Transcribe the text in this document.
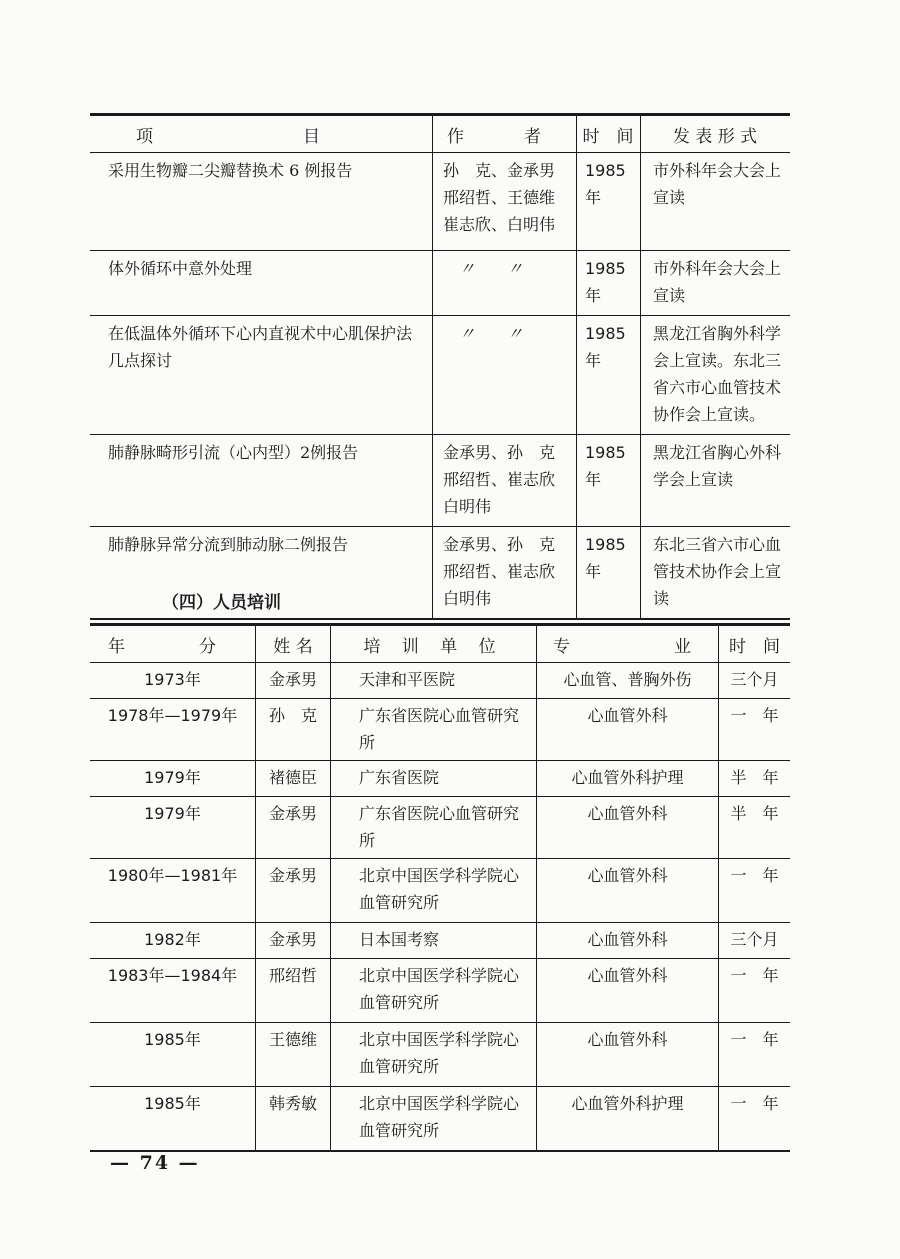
项 目	作 者	时　间	发 表 形 式
采用生物瓣二尖瓣替换术 6 例报告	孙　克、金承男
邢绍哲、王德维
崔志欣、白明伟	1985年	市外科年会大会上宣读
体外循环中意外处理	〃 〃	1985年	市外科年会大会上宣读
在低温体外循环下心内直视术中心肌保护法几点探讨	〃 〃	1985年	黑龙江省胸外科学会上宣读。东北三省六市心血管技术协作会上宣读。
肺静脉畸形引流（心内型）2例报告	金承男、孙　克
邢绍哲、崔志欣
白明伟	1985年	黑龙江省胸心外科学会上宣读
肺静脉异常分流到肺动脉二例报告	金承男、孙　克
邢绍哲、崔志欣
白明伟	1985年	东北三省六市心血管技术协作会上宣读
（四）人员培训
年 分	姓 名	培 训 单 位	专 业	时　间
1973年	金承男	天津和平医院	心血管、普胸外伤	三个月
1978年—1979年	孙　克	广东省医院心血管研究所	心血管外科	一　年
1979年	褚德臣	广东省医院	心血管外科护理	半　年
1979年	金承男	广东省医院心血管研究所	心血管外科	半　年
1980年—1981年	金承男	北京中国医学科学院心血管研究所	心血管外科	一　年
1982年	金承男	日本国考察	心血管外科	三个月
1983年—1984年	邢绍哲	北京中国医学科学院心血管研究所	心血管外科	一　年
1985年	王德维	北京中国医学科学院心血管研究所	心血管外科	一　年
1985年	韩秀敏	北京中国医学科学院心血管研究所	心血管外科护理	一　年
— 74 —
